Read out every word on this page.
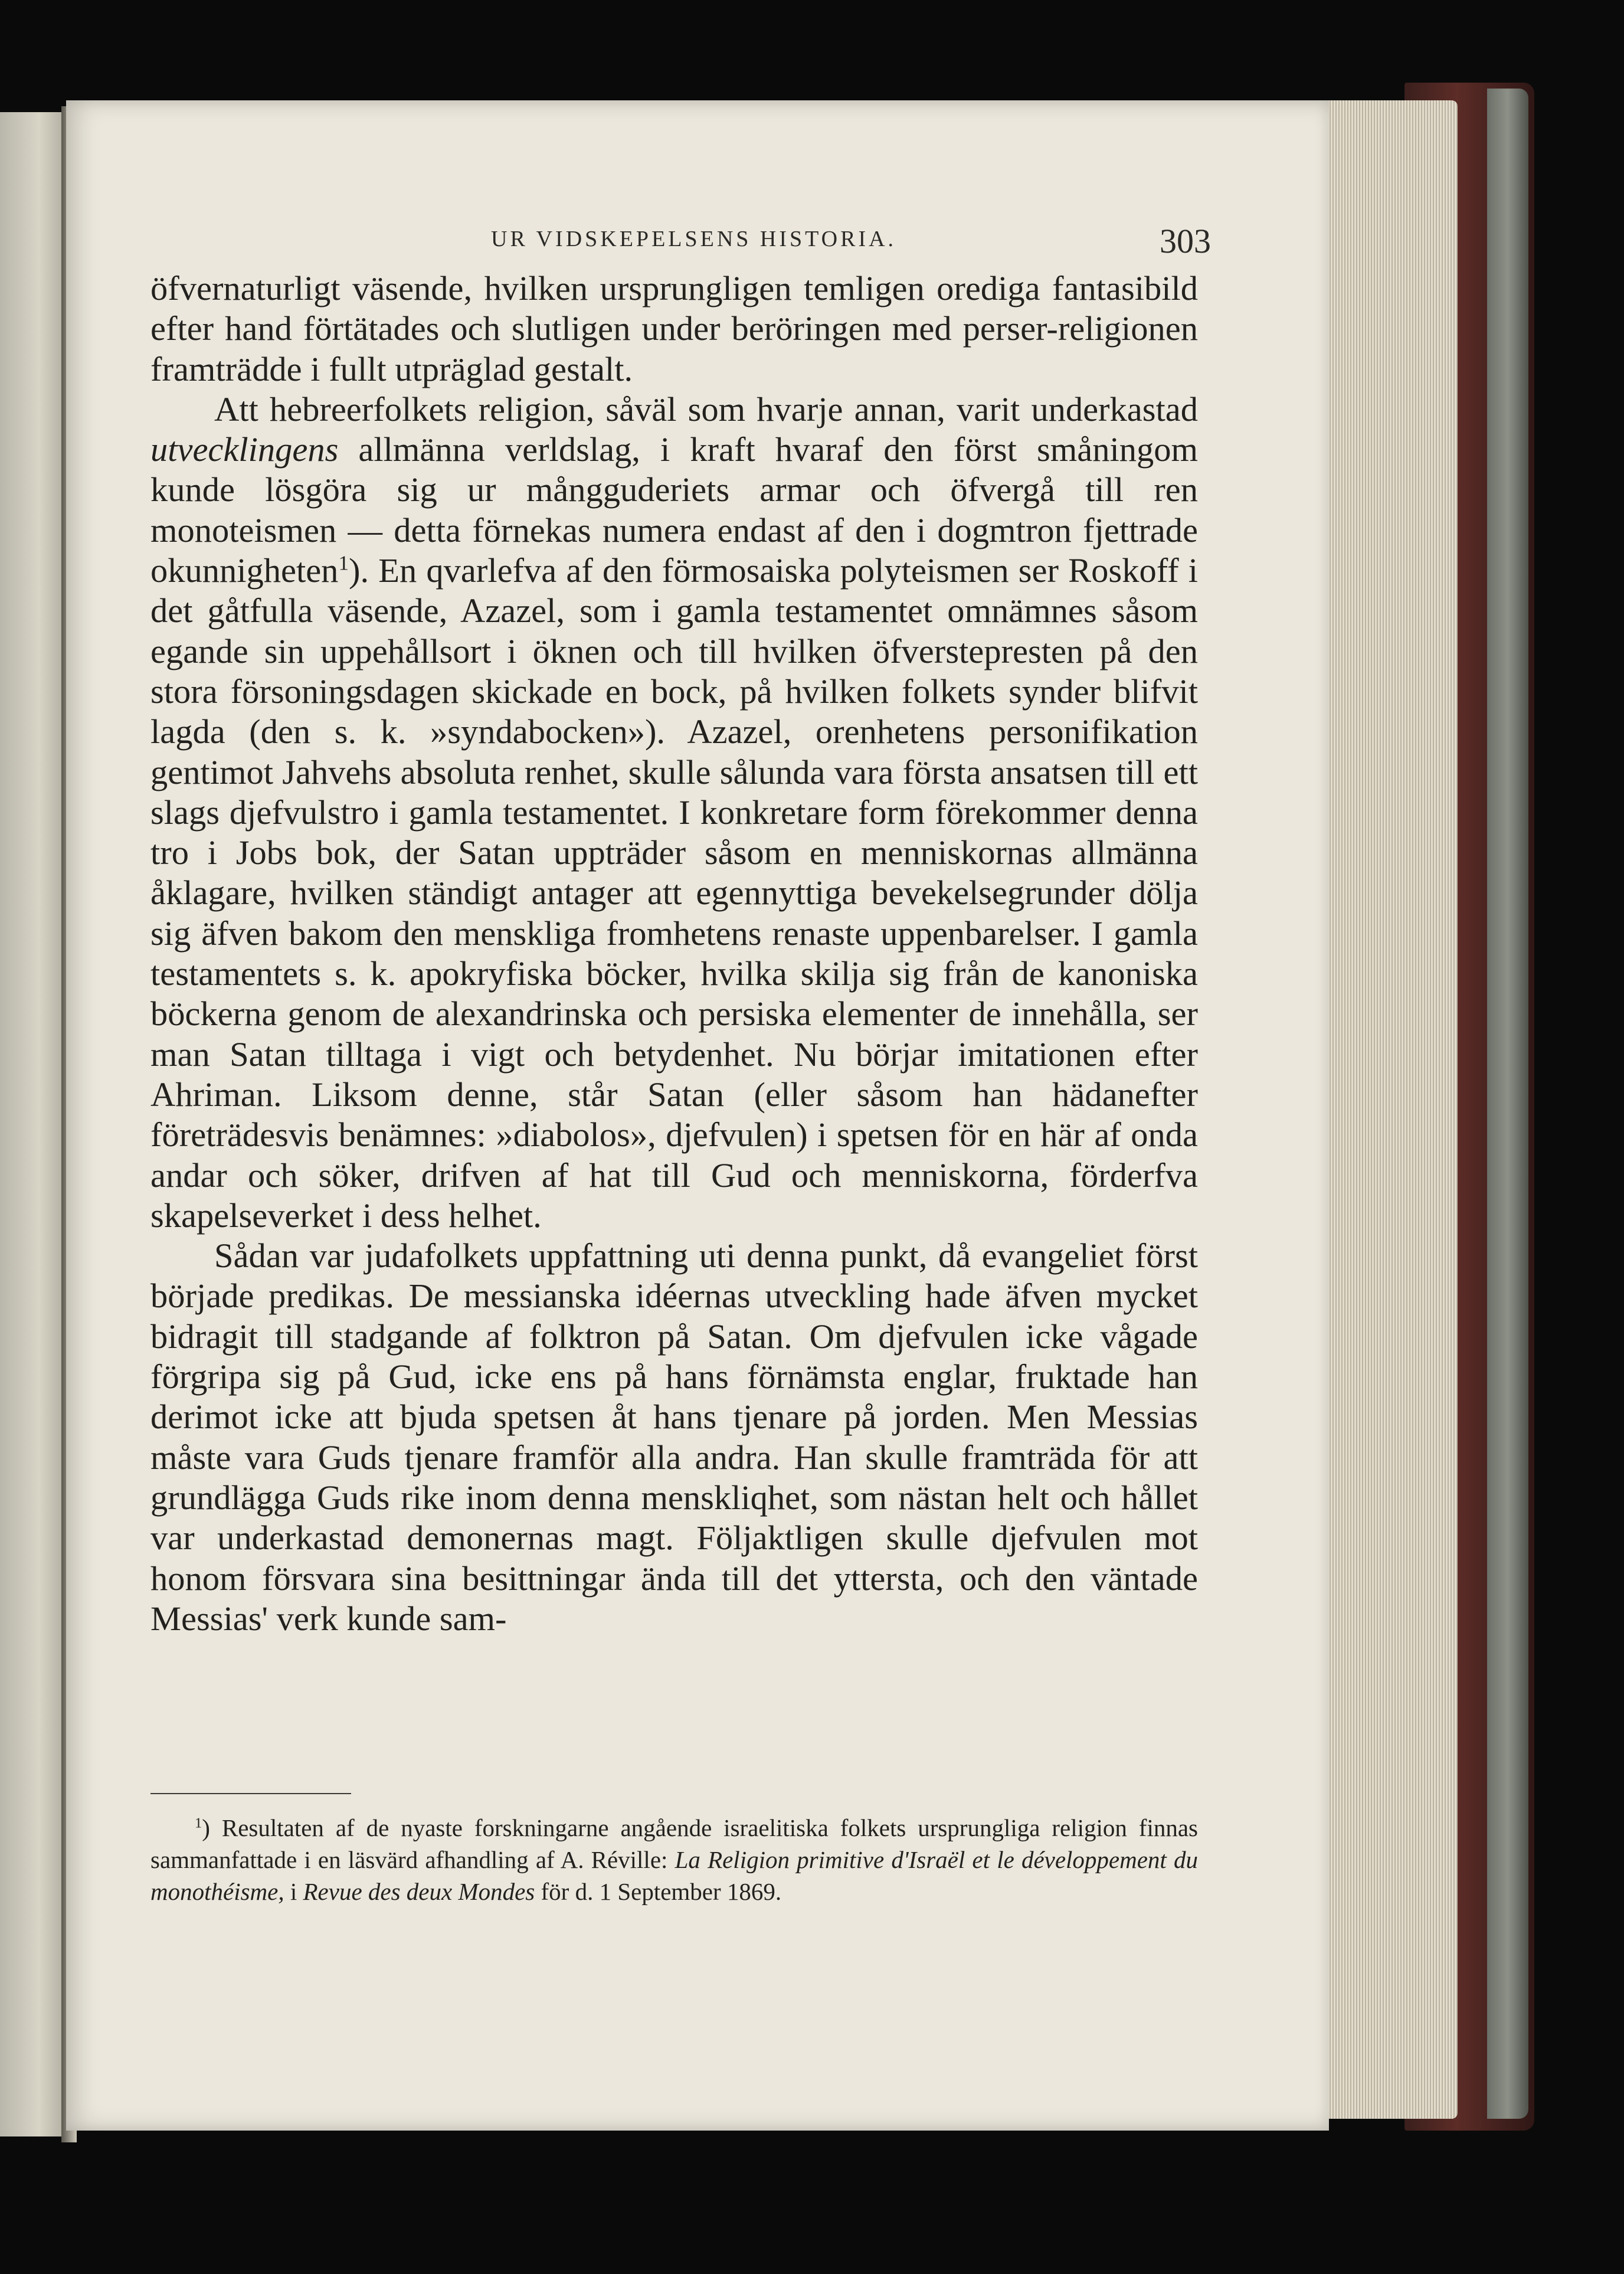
UR VIDSKEPELSENS HISTORIA.	303

öfvernaturligt väsende, hvilken ursprungligen temligen orediga fantasibild efter hand förtätades och slutligen under beröringen med perser-religionen framträdde i fullt utpräglad gestalt.

Att hebreerfolkets religion, såväl som hvarje annan, varit underkastad utvecklingens allmänna verldslag, i kraft hvaraf den först småningom kunde lösgöra sig ur mångguderiets armar och öfvergå till ren monoteismen — detta förnekas numera endast af den i dogmtron fjettrade okunnigheten$^1$). En qvarlefva af den förmosaiska polyteismen ser Roskoff i det gåtfulla väsende, Azazel, som i gamla testamentet omnämnes såsom egande sin uppehållsort i öknen och till hvilken öfverstepresten på den stora försoningsdagen skickade en bock, på hvilken folkets synder blifvit lagda (den s. k. »syndabocken»). Azazel, orenhetens personifikation gentimot Jahvehs absoluta renhet, skulle sålunda vara första ansatsen till ett slags djefvulstro i gamla testamentet. I konkretare form förekommer denna tro i Jobs bok, der Satan uppträder såsom en menniskornas allmänna åklagare, hvilken ständigt antager att egennyttiga bevekelsegrunder dölja sig äfven bakom den menskliga fromhetens renaste uppenbarelser. I gamla testamentets s. k. apokryfiska böcker, hvilka skilja sig från de kanoniska böckerna genom de alexandrinska och persiska elementer de innehålla, ser man Satan tilltaga i vigt och betydenhet. Nu börjar imitationen efter Ahriman. Liksom denne, står Satan (eller såsom han hädanefter företrädesvis benämnes: »diabolos», djefvulen) i spetsen för en här af onda andar och söker, drifven af hat till Gud och menniskorna, förderfva skapelseverket i dess helhet.

Sådan var judafolkets uppfattning uti denna punkt, då evangeliet först började predikas. De messianska idéernas utveckling hade äfven mycket bidragit till stadgande af folktron på Satan. Om djefvulen icke vågade förgripa sig på Gud, icke ens på hans förnämsta englar, fruktade han derimot icke att bjuda spetsen åt hans tjenare på jorden. Men Messias måste vara Guds tjenare framför alla andra. Han skulle framträda för att grundlägga Guds rike inom denna menskliqhet, som nästan helt och hållet var underkastad demonernas magt. Följaktligen skulle djefvulen mot honom försvara sina besittningar ända till det yttersta, och den väntade Messias' verk kunde sam-

$^1$) Resultaten af de nyaste forskningarne angående israelitiska folkets ursprungliga religion finnas sammanfattade i en läsvärd afhandling af A. Réville: La Religion primitive d'Israël et le développement du monothéisme, i Revue des deux Mondes för d. 1 September 1869.
